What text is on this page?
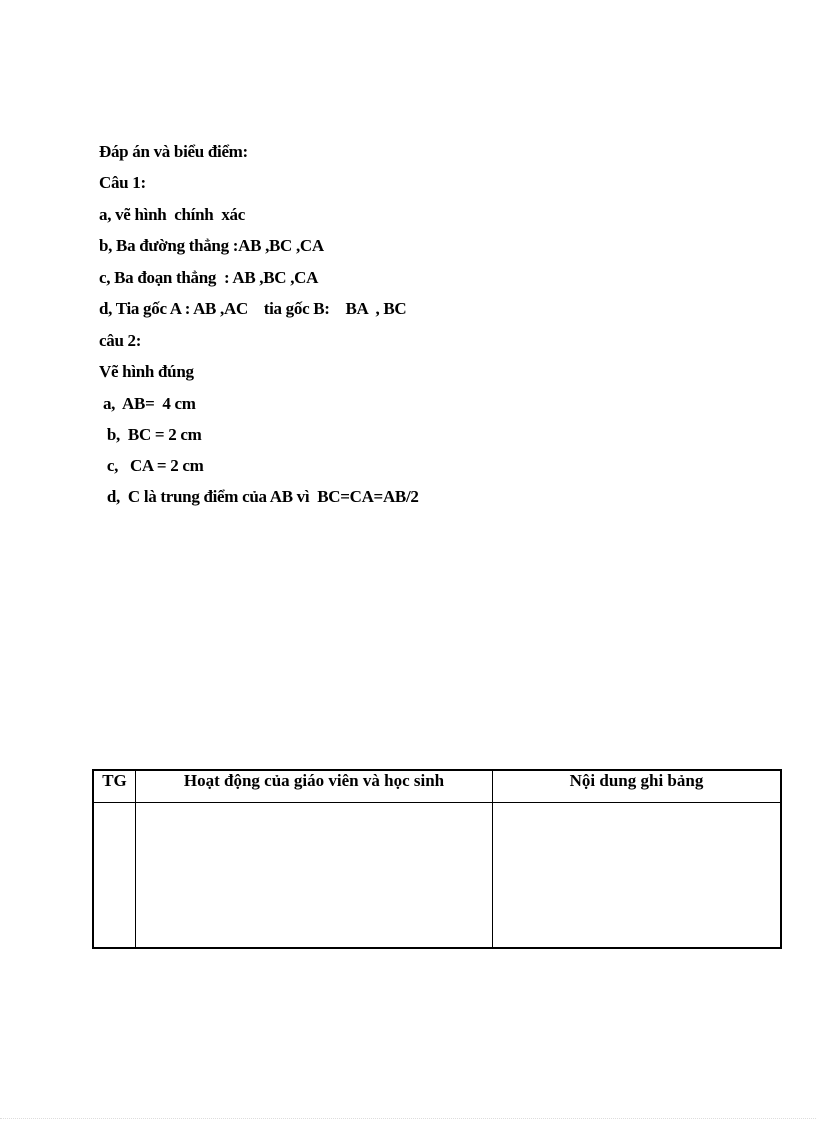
Đáp án và biểu điểm:
Câu 1:
a, vẽ hình  chính  xác
b, Ba đường thẳng :AB ,BC ,CA
c, Ba đoạn thẳng  : AB ,BC ,CA
d, Tia gốc A : AB ,AC    tia gốc B:    BA  , BC
câu 2:
Vẽ hình đúng
a,  AB=  4 cm
b,  BC = 2 cm
c,   CA = 2 cm
d,  C là trung điểm của AB vì  BC=CA=AB/2
TG	Hoạt động của giáo viên và học sinh	Nội dung ghi bảng
